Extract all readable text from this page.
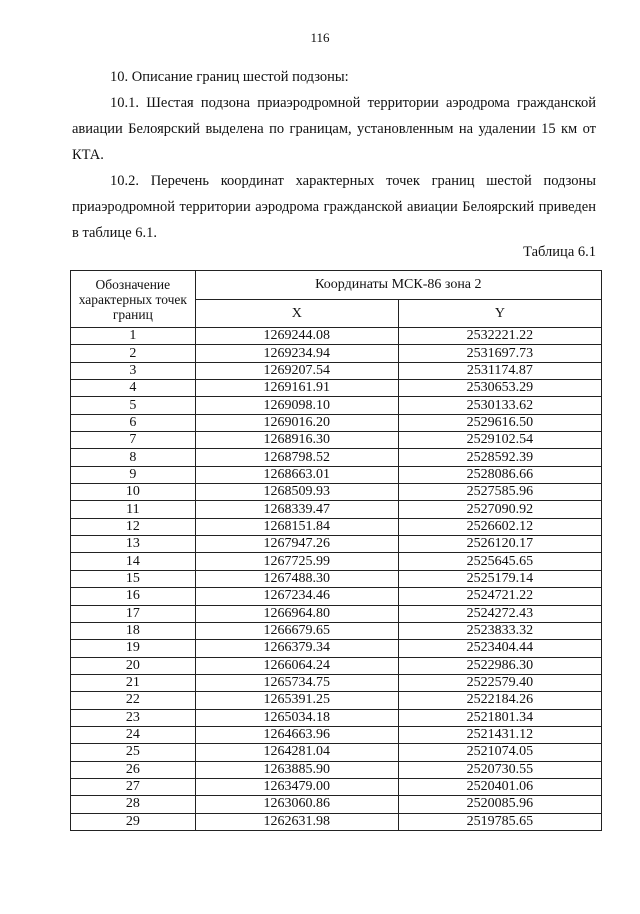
116

10. Описание границ шестой подзоны:

10.1. Шестая подзона приаэродромной территории аэродрома гражданской авиации Белоярский выделена по границам, установленным на удалении 15 км от КТА.

10.2. Перечень координат характерных точек границ шестой подзоны приаэродромной территории аэродрома гражданской авиации Белоярский приведен в таблице 6.1.

Таблица 6.1
Обозначение характерных точек границ	Координаты МСК-86 зона 2	
	X	Y
1	1269244.08	2532221.22
2	1269234.94	2531697.73
3	1269207.54	2531174.87
4	1269161.91	2530653.29
5	1269098.10	2530133.62
6	1269016.20	2529616.50
7	1268916.30	2529102.54
8	1268798.52	2528592.39
9	1268663.01	2528086.66
10	1268509.93	2527585.96
11	1268339.47	2527090.92
12	1268151.84	2526602.12
13	1267947.26	2526120.17
14	1267725.99	2525645.65
15	1267488.30	2525179.14
16	1267234.46	2524721.22
17	1266964.80	2524272.43
18	1266679.65	2523833.32
19	1266379.34	2523404.44
20	1266064.24	2522986.30
21	1265734.75	2522579.40
22	1265391.25	2522184.26
23	1265034.18	2521801.34
24	1264663.96	2521431.12
25	1264281.04	2521074.05
26	1263885.90	2520730.55
27	1263479.00	2520401.06
28	1263060.86	2520085.96
29	1262631.98	2519785.65
